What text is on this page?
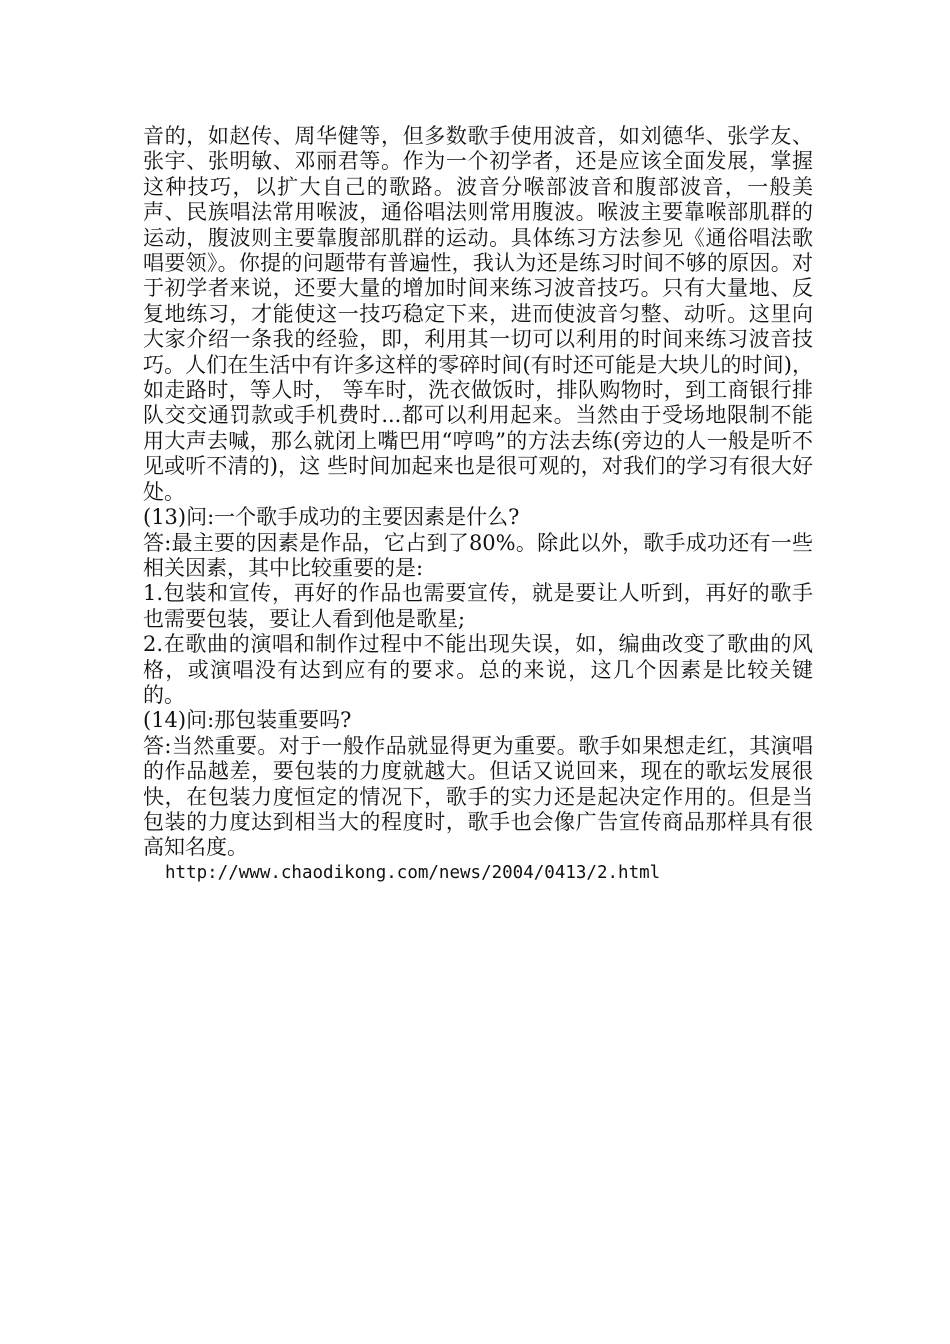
音的，如赵传、周华健等，但多数歌手使用波音，如刘德华、张学友、张宇、张明敏、邓丽君等。作为一个初学者，还是应该全面发展，掌握这种技巧，以扩大自己的歌路。波音分喉部波音和腹部波音，一般美声、民族唱法常用喉波，通俗唱法则常用腹波。喉波主要靠喉部肌群的运动，腹波则主要靠腹部肌群的运动。具体练习方法参见《通俗唱法歌唱要领》。你提的问题带有普遍性，我认为还是练习时间不够的原因。对于初学者来说，还要大量的增加时间来练习波音技巧。只有大量地、反复地练习，才能使这一技巧稳定下来，进而使波音匀整、动听。这里向大家介绍一条我的经验，即，利用其一切可以利用的时间来练习波音技巧。人们在生活中有许多这样的零碎时间(有时还可能是大块儿的时间)，如走路时，等人时， 等车时，洗衣做饭时，排队购物时，到工商银行排队交交通罚款或手机费时...都可以利用起来。当然由于受场地限制不能用大声去喊，那么就闭上嘴巴用“哼鸣”的方法去练(旁边的人一般是听不见或听不清的)，这 些时间加起来也是很可观的，对我们的学习有很大好处。

(13)问:一个歌手成功的主要因素是什么?

答:最主要的因素是作品，它占到了80%。除此以外，歌手成功还有一些相关因素，其中比较重要的是:

1.包装和宣传，再好的作品也需要宣传，就是要让人听到，再好的歌手也需要包装，要让人看到他是歌星;

2.在歌曲的演唱和制作过程中不能出现失误，如，编曲改变了歌曲的风格，或演唱没有达到应有的要求。总的来说，这几个因素是比较关键的。

(14)问:那包装重要吗?

答:当然重要。对于一般作品就显得更为重要。歌手如果想走红，其演唱的作品越差，要包装的力度就越大。但话又说回来，现在的歌坛发展很快，在包装力度恒定的情况下，歌手的实力还是起决定作用的。但是当包装的力度达到相当大的程度时，歌手也会像广告宣传商品那样具有很高知名度。

http://www.chaodikong.com/news/2004/0413/2.html
